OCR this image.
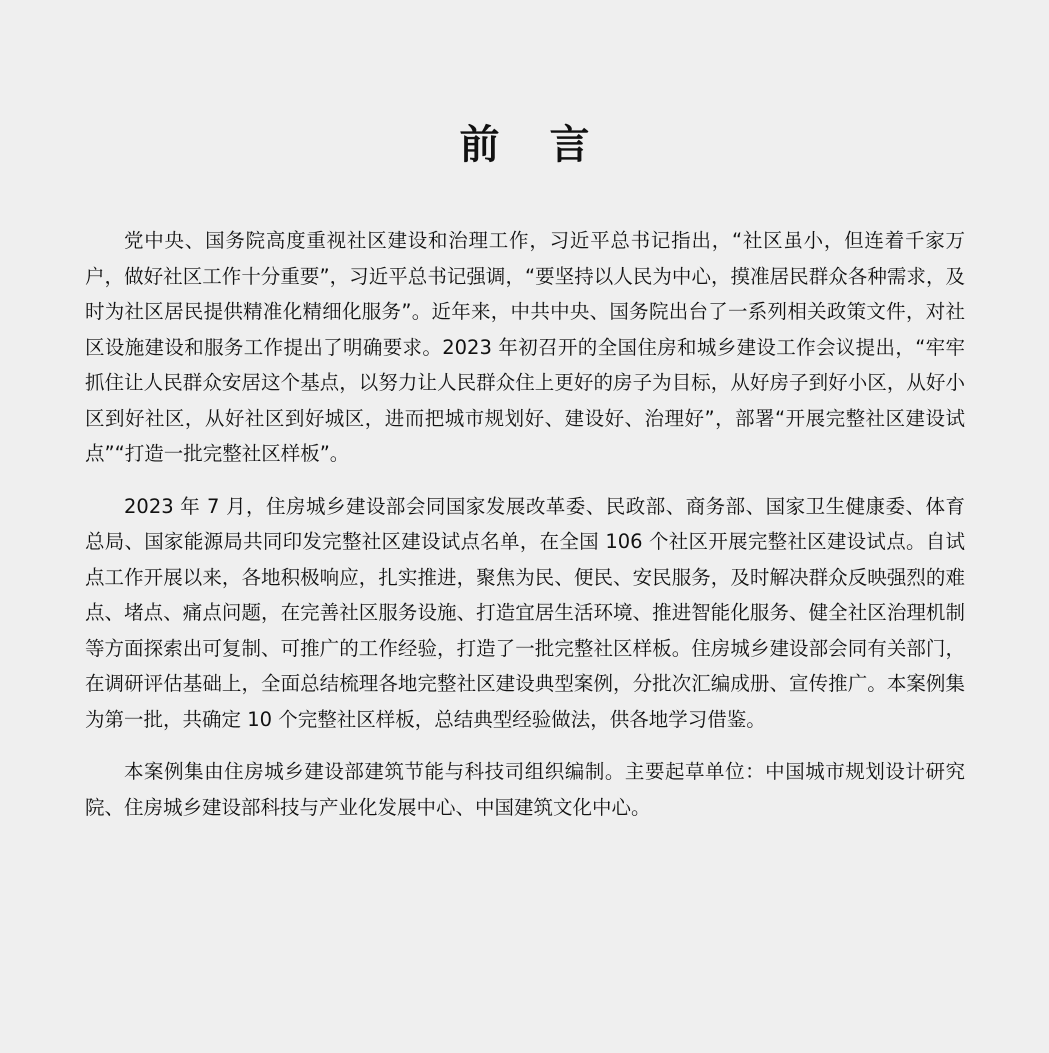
前 言

党中央、国务院高度重视社区建设和治理工作，习近平总书记指出，“社区虽小，但连着千家万户，做好社区工作十分重要”，习近平总书记强调，“要坚持以人民为中心，摸准居民群众各种需求，及时为社区居民提供精准化精细化服务”。近年来，中共中央、国务院出台了一系列相关政策文件，对社区设施建设和服务工作提出了明确要求。2023 年初召开的全国住房和城乡建设工作会议提出，“牢牢抓住让人民群众安居这个基点，以努力让人民群众住上更好的房子为目标，从好房子到好小区，从好小区到好社区，从好社区到好城区，进而把城市规划好、建设好、治理好”，部署“开展完整社区建设试点”“打造一批完整社区样板”。

2023 年 7 月，住房城乡建设部会同国家发展改革委、民政部、商务部、国家卫生健康委、体育总局、国家能源局共同印发完整社区建设试点名单，在全国 106 个社区开展完整社区建设试点。自试点工作开展以来，各地积极响应，扎实推进，聚焦为民、便民、安民服务，及时解决群众反映强烈的难点、堵点、痛点问题，在完善社区服务设施、打造宜居生活环境、推进智能化服务、健全社区治理机制等方面探索出可复制、可推广的工作经验，打造了一批完整社区样板。住房城乡建设部会同有关部门，在调研评估基础上，全面总结梳理各地完整社区建设典型案例，分批次汇编成册、宣传推广。本案例集为第一批，共确定 10 个完整社区样板，总结典型经验做法，供各地学习借鉴。

本案例集由住房城乡建设部建筑节能与科技司组织编制。主要起草单位：中国城市规划设计研究院、住房城乡建设部科技与产业化发展中心、中国建筑文化中心。
